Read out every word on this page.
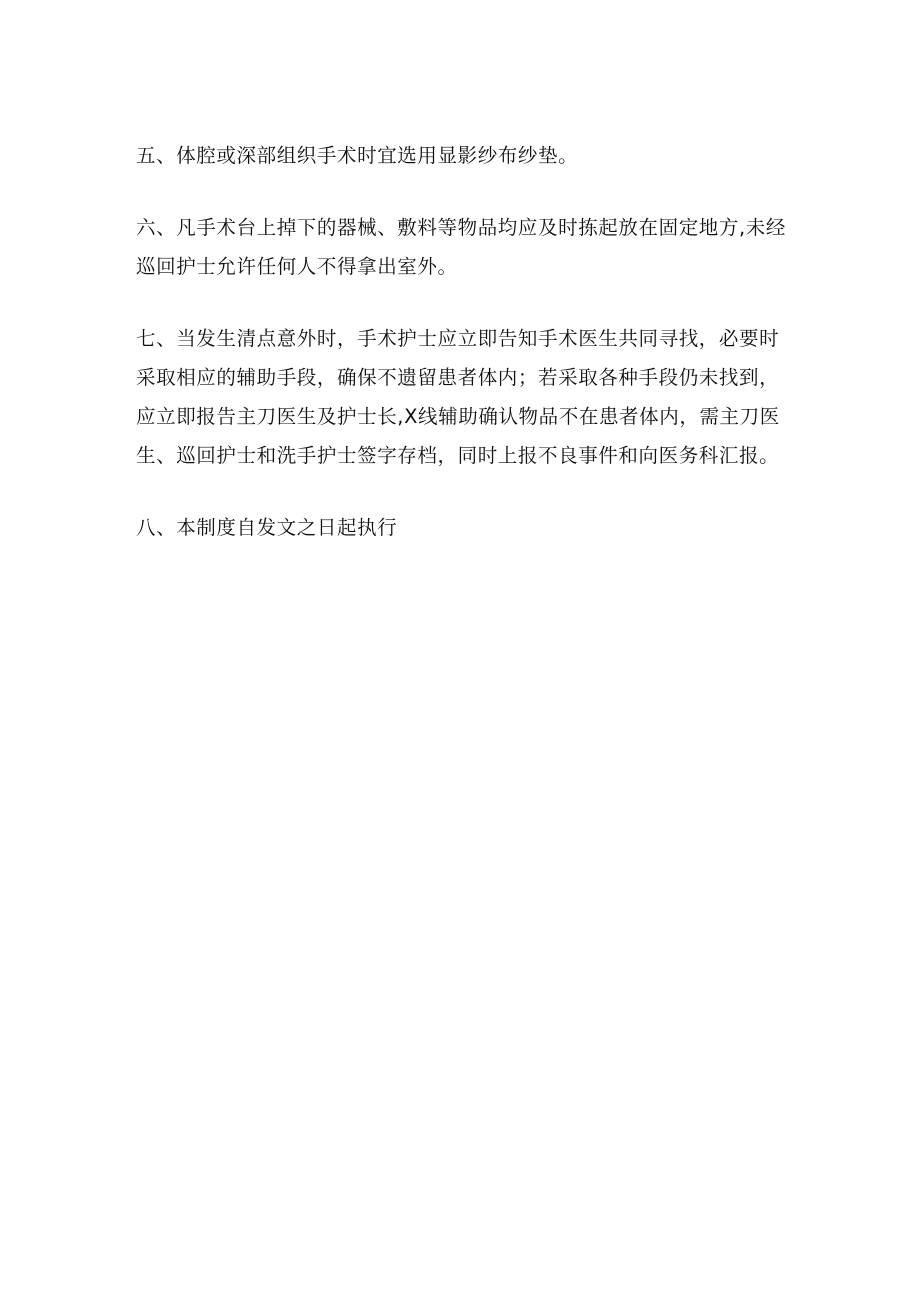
五、体腔或深部组织手术时宜选用显影纱布纱垫。

六、凡手术台上掉下的器械、敷料等物品均应及时拣起放在固定地方,未经
巡回护士允许任何人不得拿出室外。

七、当发生清点意外时，手术护士应立即告知手术医生共同寻找，必要时
采取相应的辅助手段，确保不遗留患者体内；若采取各种手段仍未找到，
应立即报告主刀医生及护士长,X线辅助确认物品不在患者体内，需主刀医
生、巡回护士和洗手护士签字存档，同时上报不良事件和向医务科汇报。

八、本制度自发文之日起执行
